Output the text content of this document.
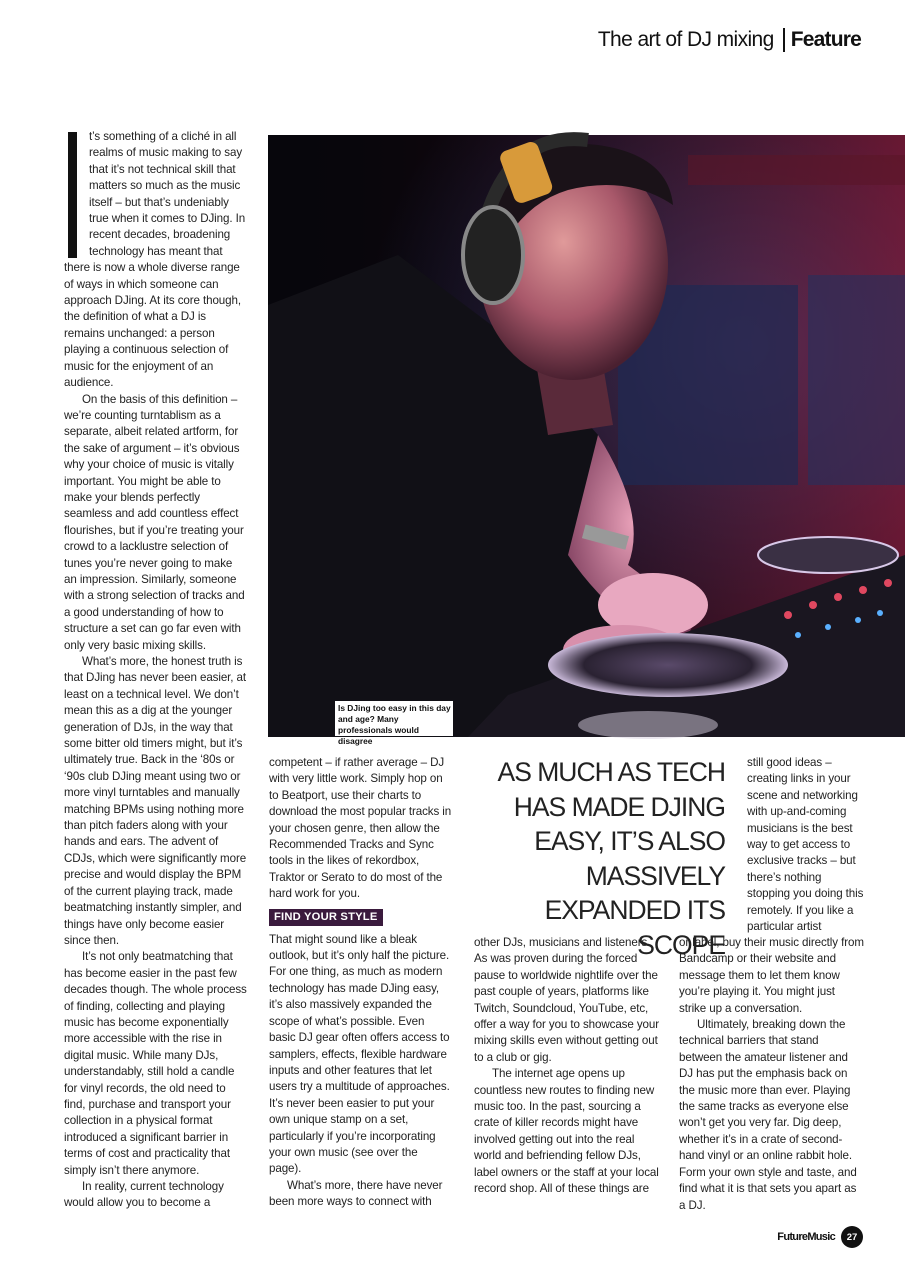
The art of DJ mixing Feature

t’s something of a cliché in all realms of music making to say that it’s not technical skill that matters so much as the music itself – but that’s undeniably true when it comes to DJing. In recent decades, broadening technology has meant that there is now a whole diverse range of ways in which someone can approach DJing. At its core though, the definition of what a DJ is remains unchanged: a person playing a continuous selection of music for the enjoyment of an audience.

On the basis of this definition – we’re counting turntablism as a separate, albeit related artform, for the sake of argument – it’s obvious why your choice of music is vitally important. You might be able to make your blends perfectly seamless and add countless effect flourishes, but if you’re treating your crowd to a lacklustre selection of tunes you’re never going to make an impression. Similarly, someone with a strong selection of tracks and a good understanding of how to structure a set can go far even with only very basic mixing skills.

What’s more, the honest truth is that DJing has never been easier, at least on a technical level. We don’t mean this as a dig at the younger generation of DJs, in the way that some bitter old timers might, but it’s ultimately true. Back in the ‘80s or ‘90s club DJing meant using two or more vinyl turntables and manually matching BPMs using nothing more than pitch faders along with your hands and ears. The advent of CDJs, which were significantly more precise and would display the BPM of the current playing track, made beatmatching instantly simpler, and things have only become easier since then.

It’s not only beatmatching that has become easier in the past few decades though. The whole process of finding, collecting and playing music has become exponentially more accessible with the rise in digital music. While many DJs, understandably, still hold a candle for vinyl records, the old need to find, purchase and transport your collection in a physical format introduced a significant barrier in terms of cost and practicality that simply isn’t there anymore.

In reality, current technology would allow you to become a

Is DJing too easy in this day and age? Many professionals would disagree

competent – if rather average – DJ with very little work. Simply hop on to Beatport, use their charts to download the most popular tracks in your chosen genre, then allow the Recommended Tracks and Sync tools in the likes of rekordbox, Traktor or Serato to do most of the hard work for you.

FIND YOUR STYLE

That might sound like a bleak outlook, but it’s only half the picture. For one thing, as much as modern technology has made DJing easy, it’s also massively expanded the scope of what’s possible. Even basic DJ gear often offers access to samplers, effects, flexible hardware inputs and other features that let users try a multitude of approaches. It’s never been easier to put your own unique stamp on a set, particularly if you’re incorporating your own music (see over the page).

What’s more, there have never been more ways to connect with

AS MUCH AS TECH HAS MADE DJING EASY, IT’S ALSO MASSIVELY EXPANDED ITS SCOPE

still good ideas – creating links in your scene and networking with up-and-coming musicians is the best way to get access to exclusive tracks – but there’s nothing stopping you doing this remotely. If you like a particular artist

other DJs, musicians and listeners. As was proven during the forced pause to worldwide nightlife over the past couple of years, platforms like Twitch, Soundcloud, YouTube, etc, offer a way for you to showcase your mixing skills even without getting out to a club or gig.

The internet age opens up countless new routes to finding new music too. In the past, sourcing a crate of killer records might have involved getting out into the real world and befriending fellow DJs, label owners or the staff at your local record shop. All of these things are

or label, buy their music directly from Bandcamp or their website and message them to let them know you’re playing it. You might just strike up a conversation.

Ultimately, breaking down the technical barriers that stand between the amateur listener and DJ has put the emphasis back on the music more than ever. Playing the same tracks as everyone else won’t get you very far. Dig deep, whether it’s in a crate of second-hand vinyl or an online rabbit hole. Form your own style and taste, and find what it is that sets you apart as a DJ.

FutureMusic	27
